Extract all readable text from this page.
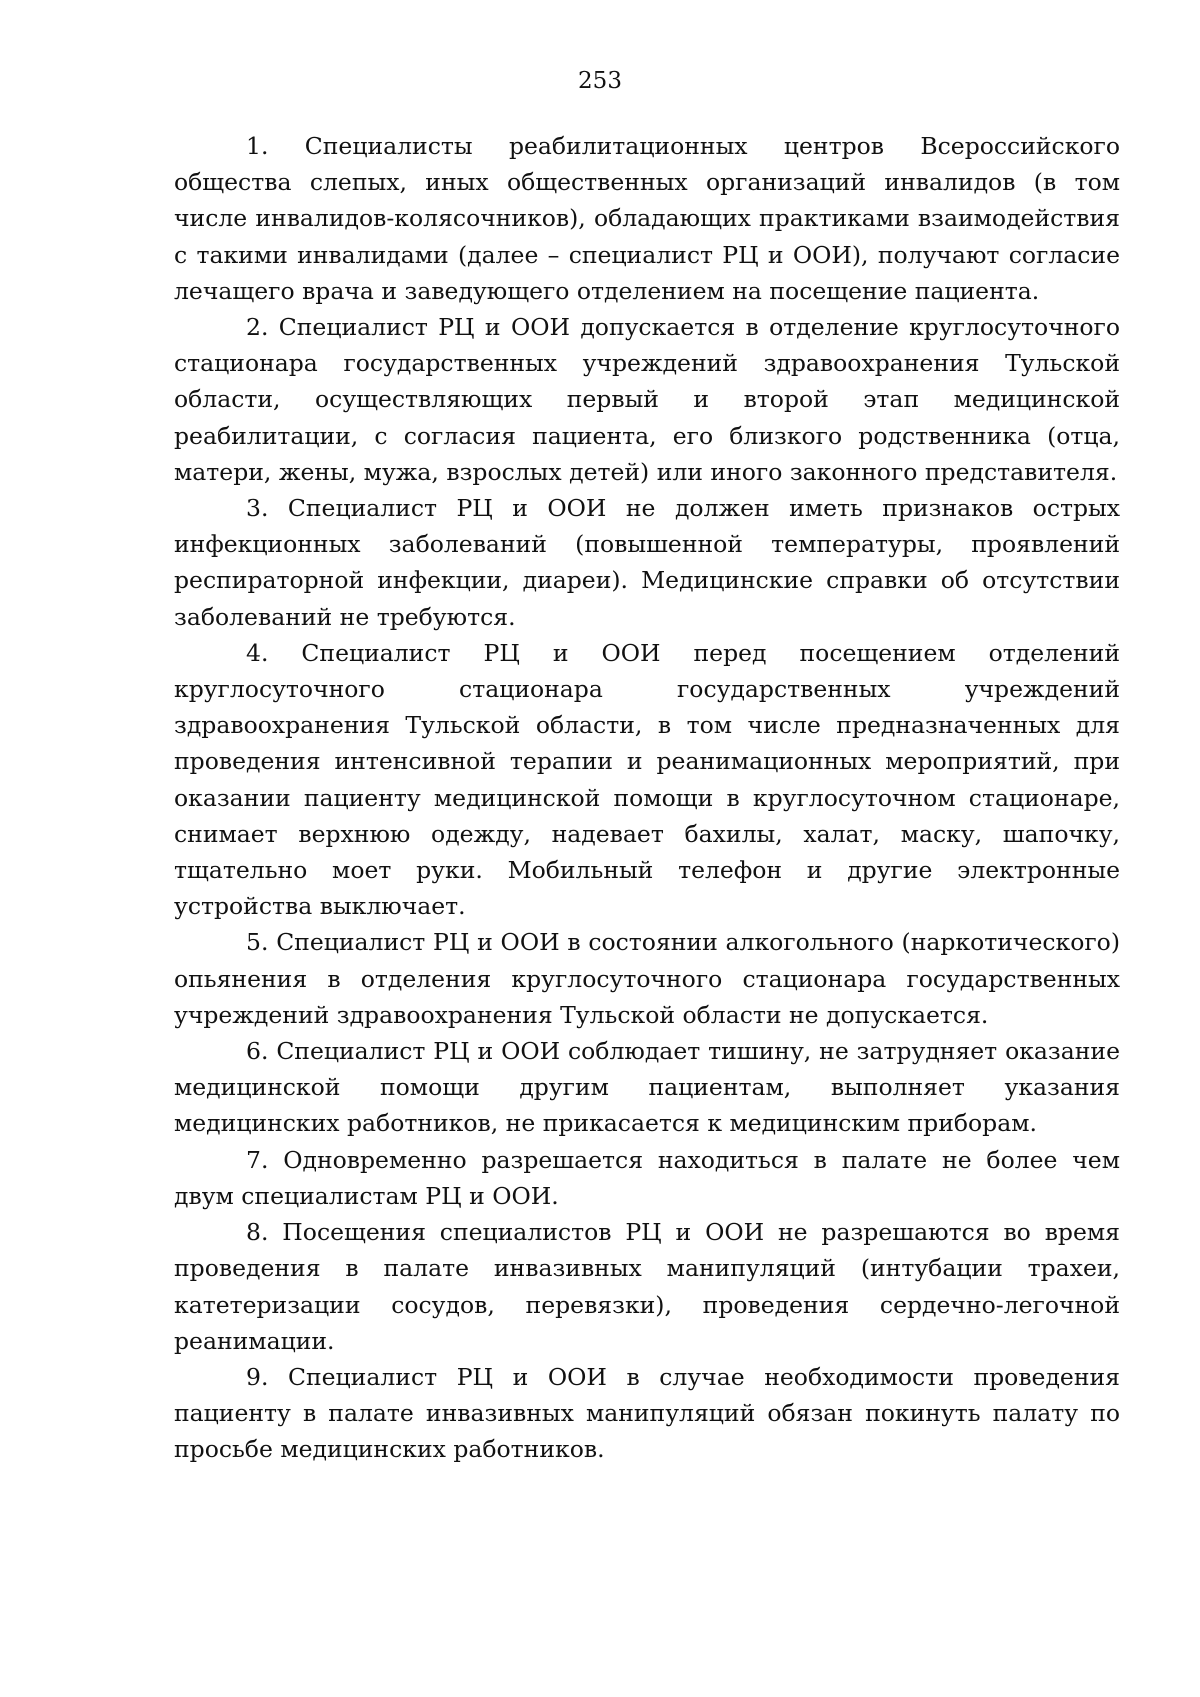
253

1. Специалисты реабилитационных центров Всероссийского общества слепых, иных общественных организаций инвалидов (в том числе инвалидов-колясочников), обладающих практиками взаимодействия с такими инвалидами (далее – специалист РЦ и ООИ), получают согласие лечащего врача и заведующего отделением на посещение пациента.

2. Специалист РЦ и ООИ допускается в отделение круглосуточного стационара государственных учреждений здравоохранения Тульской области, осуществляющих первый и второй этап медицинской реабилитации, с согласия пациента, его близкого родственника (отца, матери, жены, мужа, взрослых детей) или иного законного представителя.

3. Специалист РЦ и ООИ не должен иметь признаков острых инфекционных заболеваний (повышенной температуры, проявлений респираторной инфекции, диареи). Медицинские справки об отсутствии заболеваний не требуются.

4. Специалист РЦ и ООИ перед посещением отделений круглосуточного стационара государственных учреждений здравоохранения Тульской области, в том числе предназначенных для проведения интенсивной терапии и реанимационных мероприятий, при оказании пациенту медицинской помощи в круглосуточном стационаре, снимает верхнюю одежду, надевает бахилы, халат, маску, шапочку, тщательно моет руки. Мобильный телефон и другие электронные устройства выключает.

5. Специалист РЦ и ООИ в состоянии алкогольного (наркотического) опьянения в отделения круглосуточного стационара государственных учреждений здравоохранения Тульской области не допускается.

6. Специалист РЦ и ООИ соблюдает тишину, не затрудняет оказание медицинской помощи другим пациентам, выполняет указания медицинских работников, не прикасается к медицинским приборам.

7. Одновременно разрешается находиться в палате не более чем двум специалистам РЦ и ООИ.

8. Посещения специалистов РЦ и ООИ не разрешаются во время проведения в палате инвазивных манипуляций (интубации трахеи, катетеризации сосудов, перевязки), проведения сердечно-легочной реанимации.

9. Специалист РЦ и ООИ в случае необходимости проведения пациенту в палате инвазивных манипуляций обязан покинуть палату по просьбе медицинских работников.
